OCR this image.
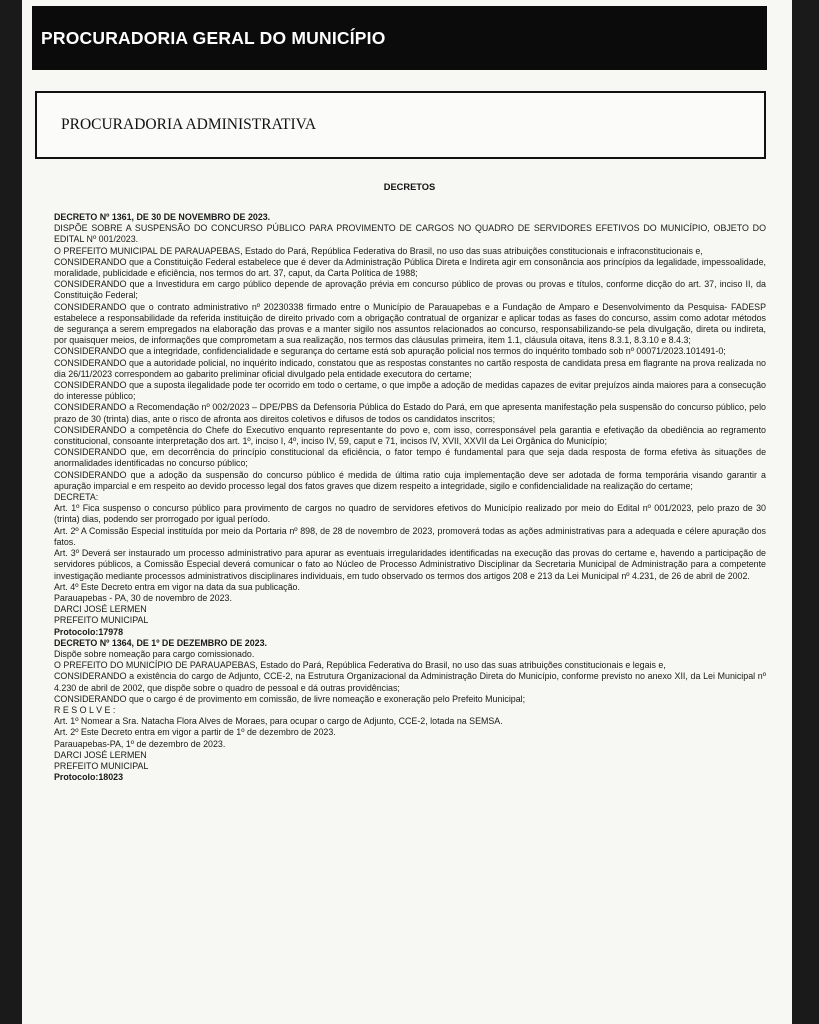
PROCURADORIA GERAL DO MUNICÍPIO
PROCURADORIA ADMINISTRATIVA
DECRETOS

DECRETO Nº 1361, DE 30 DE NOVEMBRO DE 2023.

DISPÕE SOBRE A SUSPENSÃO DO CONCURSO PÚBLICO PARA PROVIMENTO DE CARGOS NO QUADRO DE SERVIDORES EFETIVOS DO MUNICÍPIO, OBJETO DO EDITAL Nº 001/2023.

O PREFEITO MUNICIPAL DE PARAUAPEBAS, Estado do Pará, República Federativa do Brasil, no uso das suas atribuições constitucionais e infraconstitucionais e,

CONSIDERANDO que a Constituição Federal estabelece que é dever da Administração Pública Direta e Indireta agir em consonância aos princípios da legalidade, impessoalidade, moralidade, publicidade e eficiência, nos termos do art. 37, caput, da Carta Política de 1988;

CONSIDERANDO que a Investidura em cargo público depende de aprovação prévia em concurso público de provas ou provas e títulos, conforme dicção do art. 37, inciso II, da Constituição Federal;

CONSIDERANDO que o contrato administrativo nº 20230338 firmado entre o Município de Parauapebas e a Fundação de Amparo e Desenvolvimento da Pesquisa- FADESP estabelece a responsabilidade da referida instituição de direito privado com a obrigação contratual de organizar e aplicar todas as fases do concurso, assim como adotar métodos de segurança a serem empregados na elaboração das provas e a manter sigilo nos assuntos relacionados ao concurso, responsabilizando-se pela divulgação, direta ou indireta, por quaisquer meios, de informações que comprometam a sua realização, nos termos das cláusulas primeira, item 1.1, cláusula oitava, itens 8.3.1, 8.3.10 e 8.4.3;

CONSIDERANDO que a integridade, confidencialidade e segurança do certame está sob apuração policial nos termos do inquérito tombado sob nº 00071/2023.101491-0;

CONSIDERANDO que a autoridade policial, no inquérito indicado, constatou que as respostas constantes no cartão resposta de candidata presa em flagrante na prova realizada no dia 26/11/2023 correspondem ao gabarito preliminar oficial divulgado pela entidade executora do certame;

CONSIDERANDO que a suposta ilegalidade pode ter ocorrido em todo o certame, o que impõe a adoção de medidas capazes de evitar prejuízos ainda maiores para a consecução do interesse público;

CONSIDERANDO a Recomendação nº 002/2023 – DPE/PBS da Defensoria Pública do Estado do Pará, em que apresenta manifestação pela suspensão do concurso público, pelo prazo de 30 (trinta) dias, ante o risco de afronta aos direitos coletivos e difusos de todos os candidatos inscritos;

CONSIDERANDO a competência do Chefe do Executivo enquanto representante do povo e, com isso, corresponsável pela garantia e efetivação da obediência ao regramento constitucional, consoante interpretação dos art. 1º, inciso I, 4º, inciso IV, 59, caput e 71, incisos IV, XVII, XXVII da Lei Orgânica do Município;

CONSIDERANDO que, em decorrência do princípio constitucional da eficiência, o fator tempo é fundamental para que seja dada resposta de forma efetiva às situações de anormalidades identificadas no concurso público;

CONSIDERANDO que a adoção da suspensão do concurso público é medida de última ratio cuja implementação deve ser adotada de forma temporária visando garantir a apuração imparcial e em respeito ao devido processo legal dos fatos graves que dizem respeito a integridade, sigilo e confidencialidade na realização do certame;

DECRETA:

Art. 1º Fica suspenso o concurso público para provimento de cargos no quadro de servidores efetivos do Município realizado por meio do Edital nº 001/2023, pelo prazo de 30 (trinta) dias, podendo ser prorrogado por igual período.

Art. 2º A Comissão Especial instituída por meio da Portaria nº 898, de 28 de novembro de 2023, promoverá todas as ações administrativas para a adequada e célere apuração dos fatos.

Art. 3º Deverá ser instaurado um processo administrativo para apurar as eventuais irregularidades identificadas na execução das provas do certame e, havendo a participação de servidores públicos, a Comissão Especial deverá comunicar o fato ao Núcleo de Processo Administrativo Disciplinar da Secretaria Municipal de Administração para a competente investigação mediante processos administrativos disciplinares individuais, em tudo observado os termos dos artigos 208 e 213 da Lei Municipal nº 4.231, de 26 de abril de 2002.

Art. 4º Este Decreto entra em vigor na data da sua publicação.

Parauapebas - PA, 30 de novembro de 2023.

DARCI JOSÉ LERMEN

PREFEITO MUNICIPAL

Protocolo:17978

DECRETO Nº 1364, DE 1º DE DEZEMBRO DE 2023.

Dispõe sobre nomeação para cargo comissionado.

O PREFEITO DO MUNICÍPIO DE PARAUAPEBAS, Estado do Pará, República Federativa do Brasil, no uso das suas atribuições constitucionais e legais e,

CONSIDERANDO a existência do cargo de Adjunto, CCE-2, na Estrutura Organizacional da Administração Direta do Município, conforme previsto no anexo XII, da Lei Municipal nº 4.230 de abril de 2002, que dispõe sobre o quadro de pessoal e dá outras providências;

CONSIDERANDO que o cargo é de provimento em comissão, de livre nomeação e exoneração pelo Prefeito Municipal;

R E S O L V E :

Art. 1º Nomear a Sra. Natacha Flora Alves de Moraes, para ocupar o cargo de Adjunto, CCE-2, lotada na SEMSA.

Art. 2º Este Decreto entra em vigor a partir de 1º de dezembro de 2023.

Parauapebas-PA, 1º de dezembro de 2023.

DARCI JOSÉ LERMEN

PREFEITO MUNICIPAL

Protocolo:18023
